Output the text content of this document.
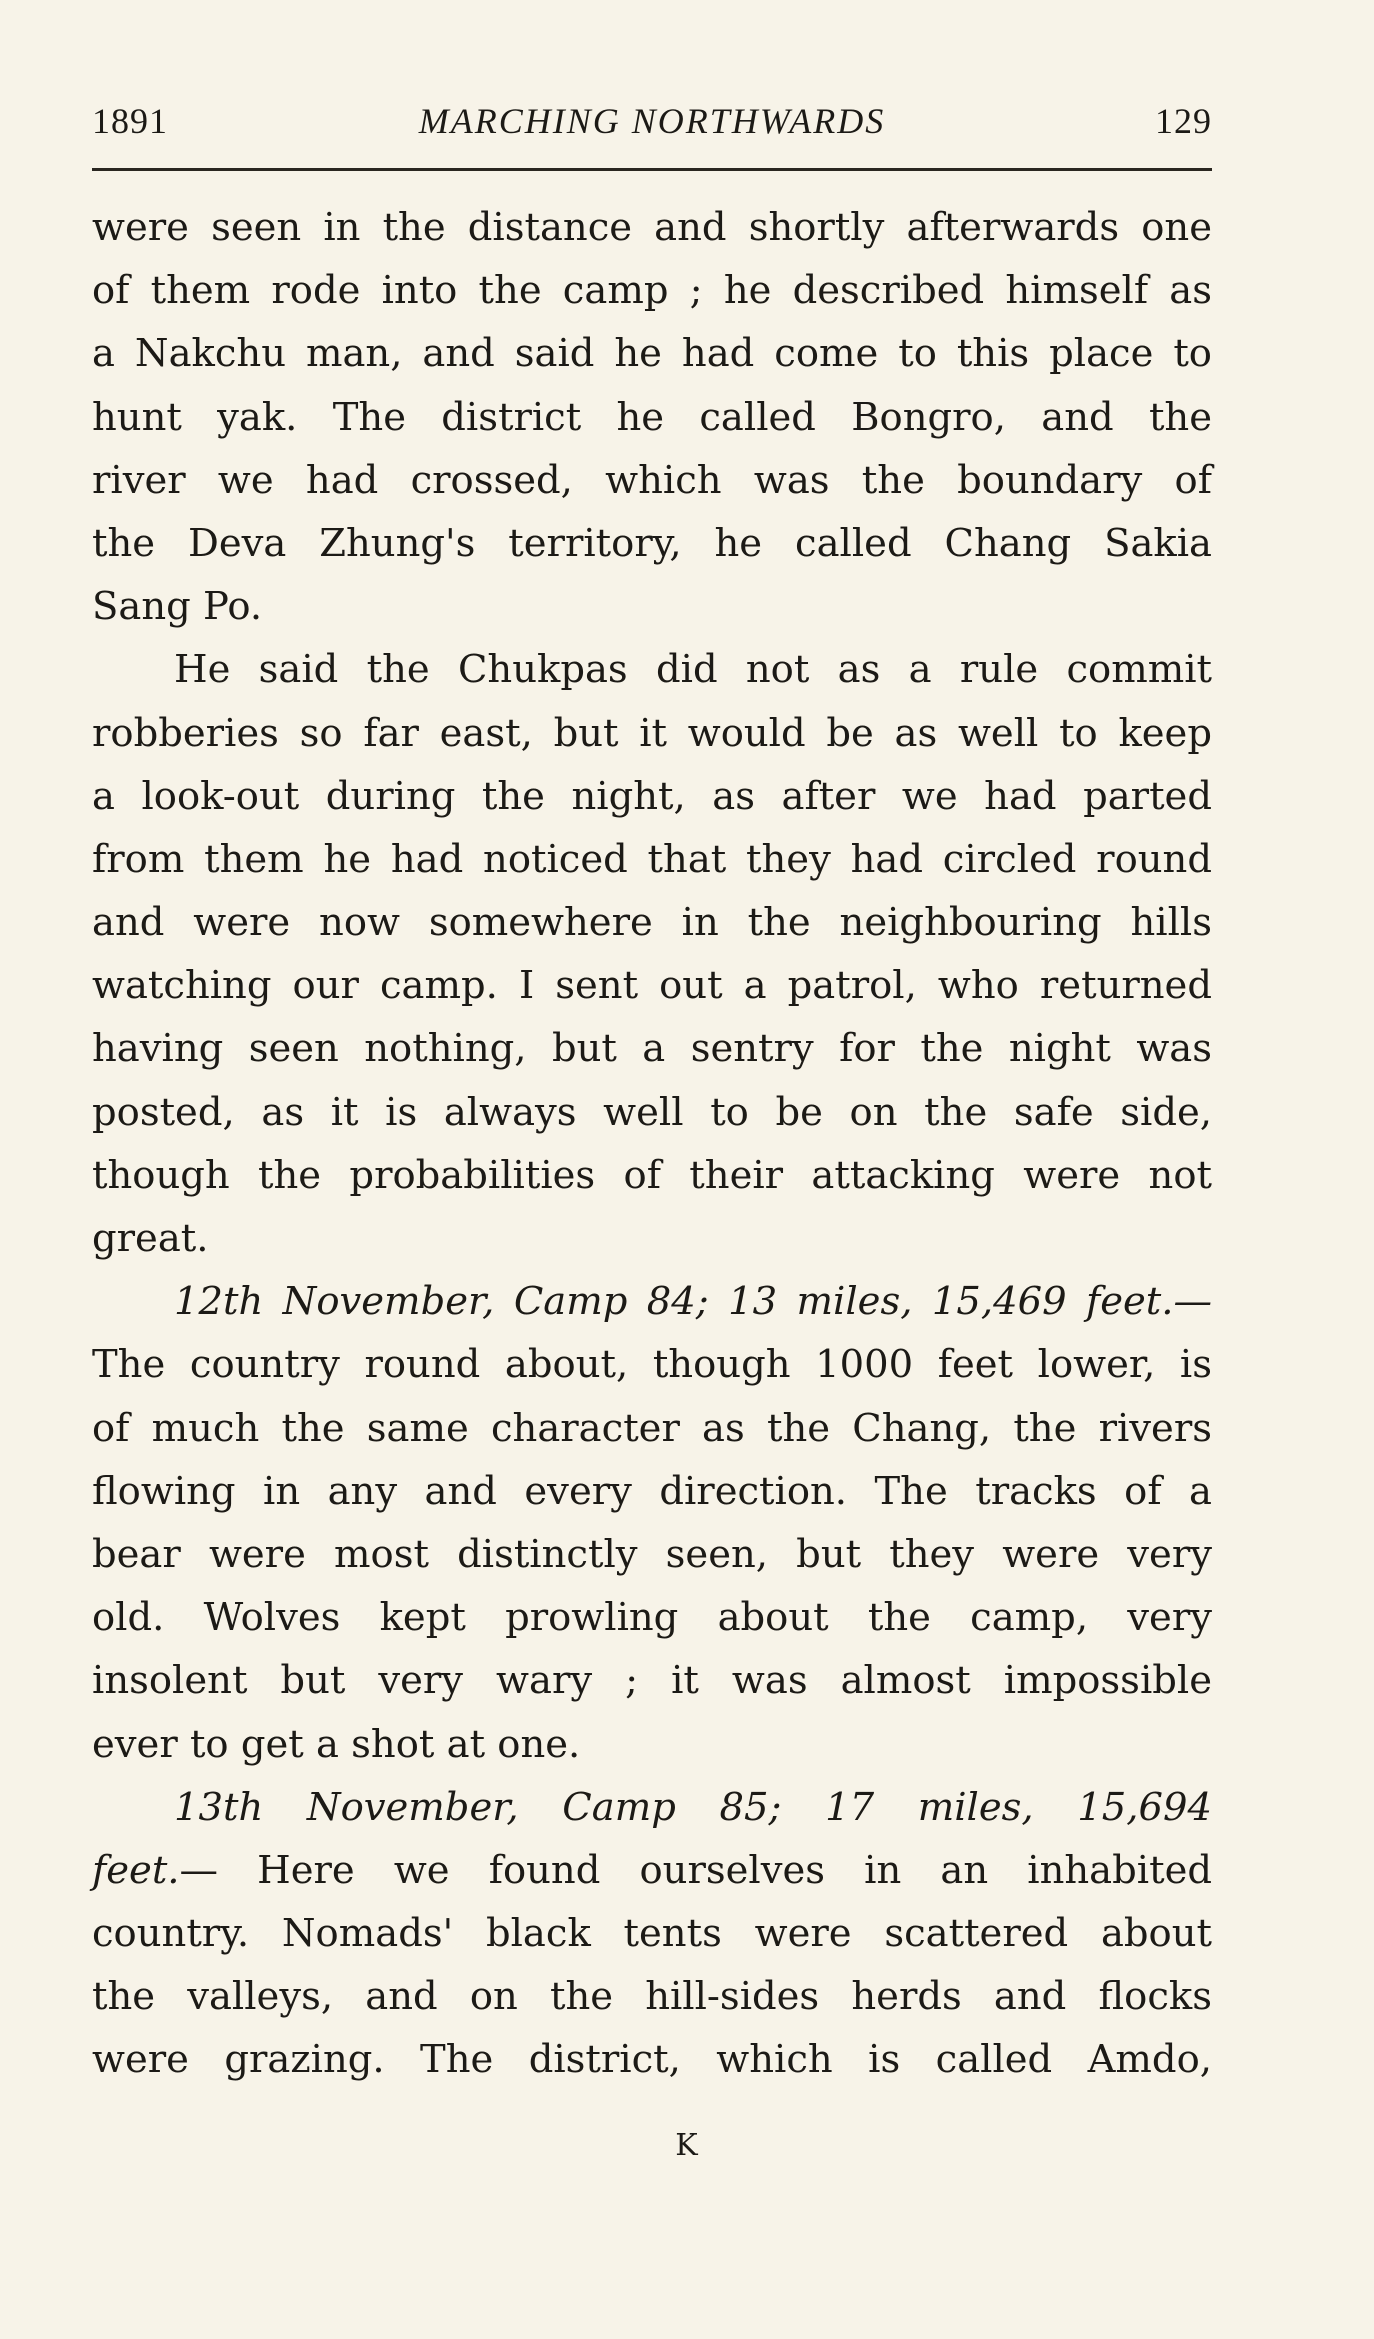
1891	MARCHING NORTHWARDS	129
were seen in the distance and shortly afterwards one
of them rode into the camp ; he described himself as
a Nakchu man, and said he had come to this place to
hunt yak. The district he called Bongro, and the
river we had crossed, which was the boundary of
the Deva Zhung's territory, he called Chang Sakia
Sang Po.
He said the Chukpas did not as a rule commit
robberies so far east, but it would be as well to keep
a look-out during the night, as after we had parted
from them he had noticed that they had circled round
and were now somewhere in the neighbouring hills
watching our camp. I sent out a patrol, who returned
having seen nothing, but a sentry for the night was
posted, as it is always well to be on the safe side,
though the probabilities of their attacking were not
great.
12th November, Camp 84; 13 miles, 15,469 feet.—
The country round about, though 1000 feet lower, is
of much the same character as the Chang, the rivers
flowing in any and every direction. The tracks of a
bear were most distinctly seen, but they were very
old. Wolves kept prowling about the camp, very
insolent but very wary ; it was almost impossible
ever to get a shot at one.
13th November, Camp 85; 17 miles, 15,694
feet.— Here we found ourselves in an inhabited
country. Nomads' black tents were scattered about
the valleys, and on the hill-sides herds and flocks
were grazing. The district, which is called Amdo,
K
